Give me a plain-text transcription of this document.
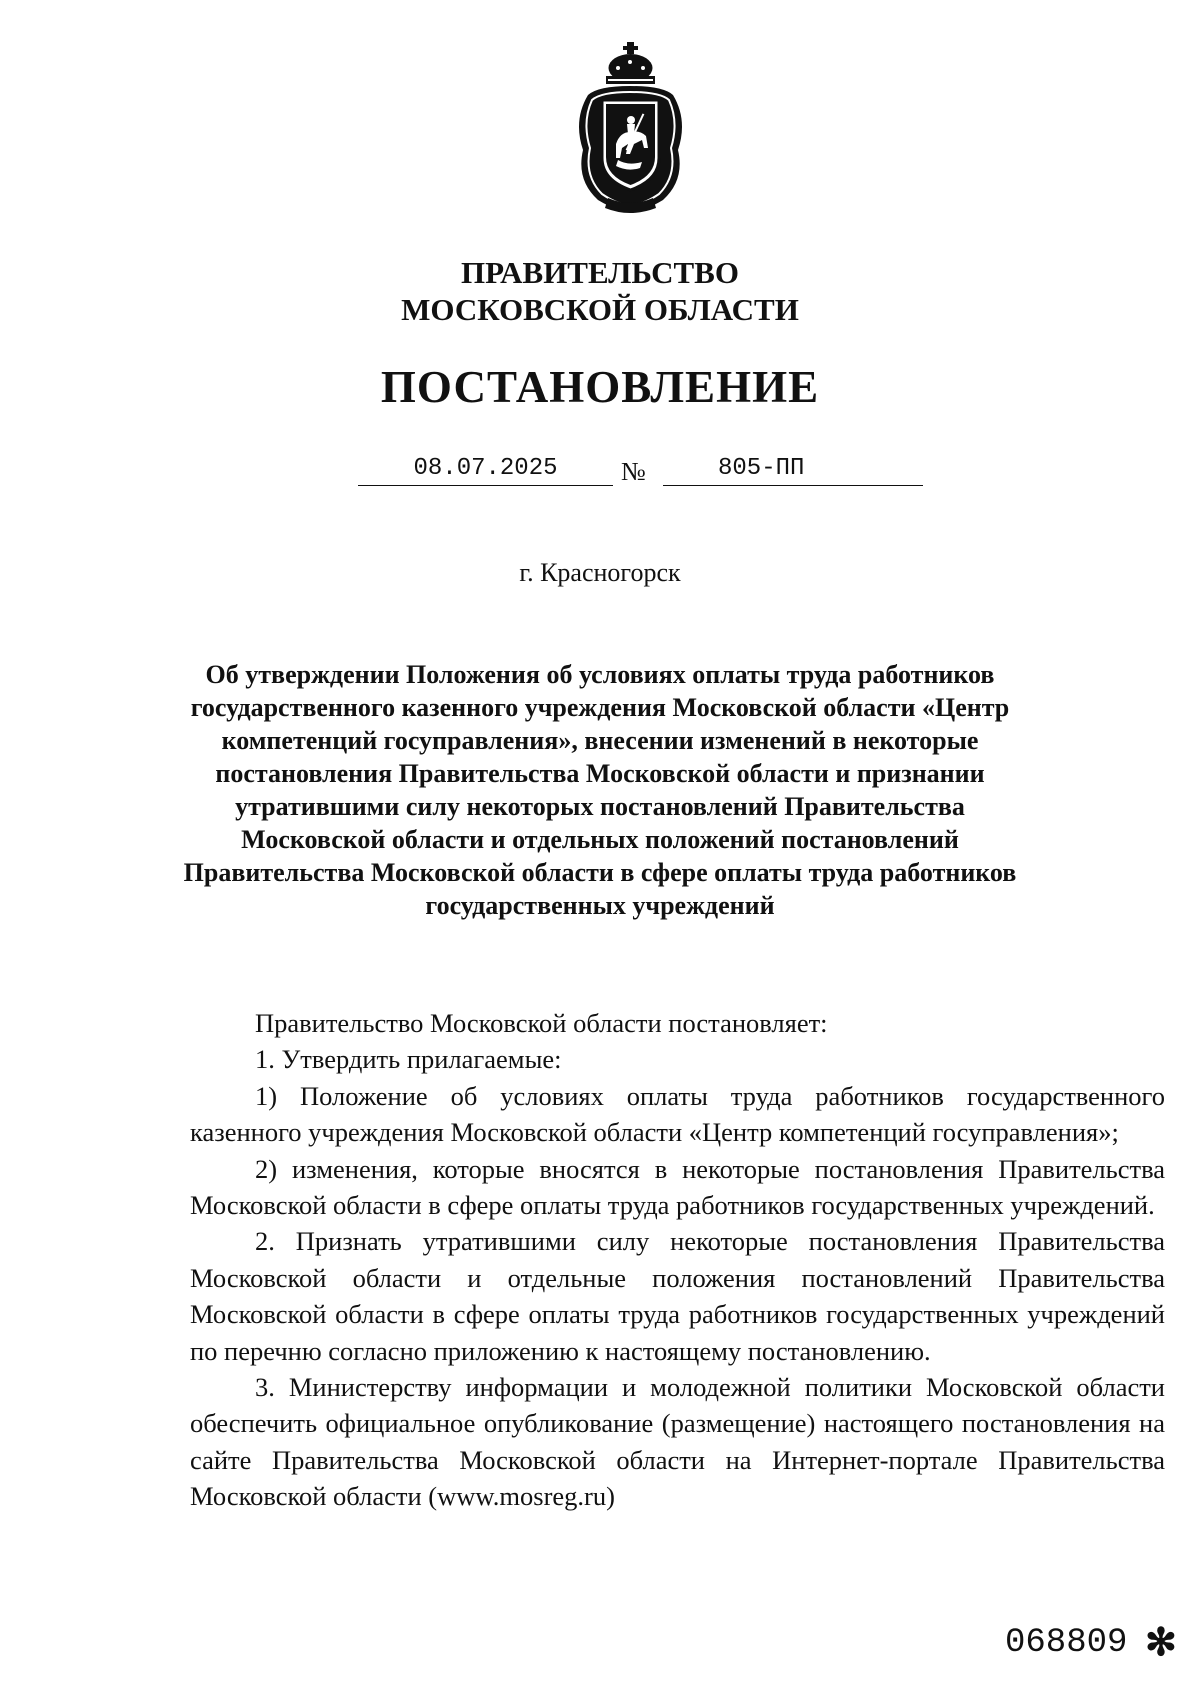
ПРАВИТЕЛЬСТВО
МОСКОВСКОЙ ОБЛАСТИ
ПОСТАНОВЛЕНИЕ
08.07.2025	№	805-ПП
г. Красногорск
Об утверждении Положения об условиях оплаты труда работников государственного казенного учреждения Московской области «Центр компетенций госуправления», внесении изменений в некоторые постановления Правительства Московской области и признании утратившими силу некоторых постановлений Правительства Московской области и отдельных положений постановлений Правительства Московской области в сфере оплаты труда работников государственных учреждений

Правительство Московской области постановляет:

1. Утвердить прилагаемые:

1) Положение об условиях оплаты труда работников государственного казенного учреждения Московской области «Центр компетенций госуправления»;

2) изменения, которые вносятся в некоторые постановления Правительства Московской области в сфере оплаты труда работников государственных учреждений.

2. Признать утратившими силу некоторые постановления Правительства Московской области и отдельные положения постановлений Правительства Московской области в сфере оплаты труда работников государственных учреждений по перечню согласно приложению к настоящему постановлению.

3. Министерству информации и молодежной политики Московской области обеспечить официальное опубликование (размещение) настоящего постановления на сайте Правительства Московской области на Интернет-портале Правительства Московской области (www.mosreg.ru)

068809 ✻
